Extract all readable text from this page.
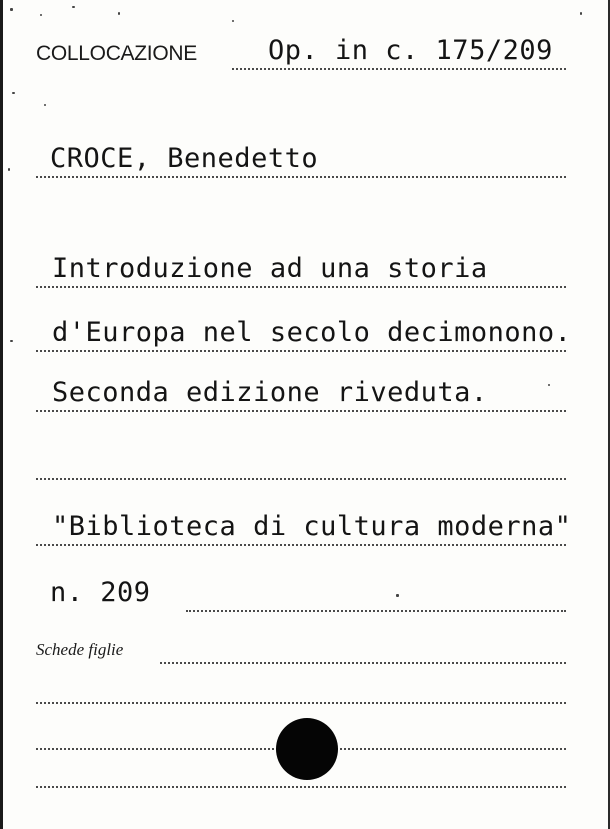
COLLOCAZIONE	Op. in c. 175/209
CROCE, Benedetto
Introduzione ad una storia
d'Europa nel secolo decimonono.
Seconda edizione riveduta.
"Biblioteca di cultura moderna"
n. 209
Schede figlie
